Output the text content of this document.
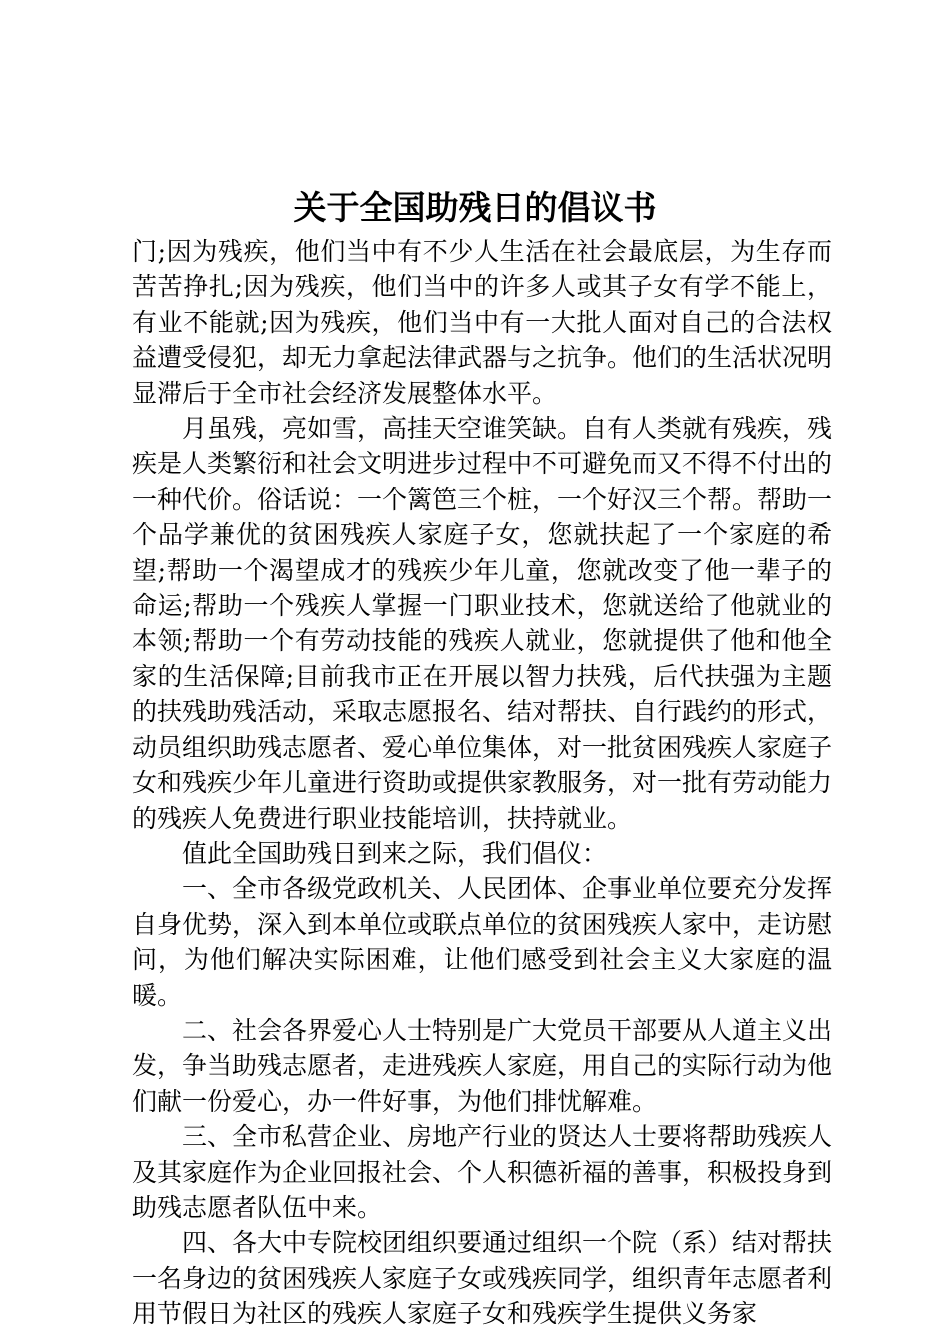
关于全国助残日的倡议书

门;因为残疾，他们当中有不少人生活在社会最底层，为生存而苦苦挣扎;因为残疾，他们当中的许多人或其子女有学不能上，有业不能就;因为残疾，他们当中有一大批人面对自己的合法权益遭受侵犯，却无力拿起法律武器与之抗争。他们的生活状况明显滞后于全市社会经济发展整体水平。

月虽残，亮如雪，高挂天空谁笑缺。自有人类就有残疾，残疾是人类繁衍和社会文明进步过程中不可避免而又不得不付出的一种代价。俗话说：一个篱笆三个桩，一个好汉三个帮。帮助一个品学兼优的贫困残疾人家庭子女，您就扶起了一个家庭的希望;帮助一个渴望成才的残疾少年儿童，您就改变了他一辈子的命运;帮助一个残疾人掌握一门职业技术，您就送给了他就业的本领;帮助一个有劳动技能的残疾人就业，您就提供了他和他全家的生活保障;目前我市正在开展以智力扶残，后代扶强为主题的扶残助残活动，采取志愿报名、结对帮扶、自行践约的形式，动员组织助残志愿者、爱心单位集体，对一批贫困残疾人家庭子女和残疾少年儿童进行资助或提供家教服务，对一批有劳动能力的残疾人免费进行职业技能培训，扶持就业。

值此全国助残日到来之际，我们倡仪：

一、全市各级党政机关、人民团体、企事业单位要充分发挥自身优势，深入到本单位或联点单位的贫困残疾人家中，走访慰问，为他们解决实际困难，让他们感受到社会主义大家庭的温暖。

二、社会各界爱心人士特别是广大党员干部要从人道主义出发，争当助残志愿者，走进残疾人家庭，用自己的实际行动为他们献一份爱心，办一件好事，为他们排忧解难。

三、全市私营企业、房地产行业的贤达人士要将帮助残疾人及其家庭作为企业回报社会、个人积德祈福的善事，积极投身到助残志愿者队伍中来。

四、各大中专院校团组织要通过组织一个院（系）结对帮扶一名身边的贫困残疾人家庭子女或残疾同学，组织青年志愿者利用节假日为社区的残疾人家庭子女和残疾学生提供义务家
